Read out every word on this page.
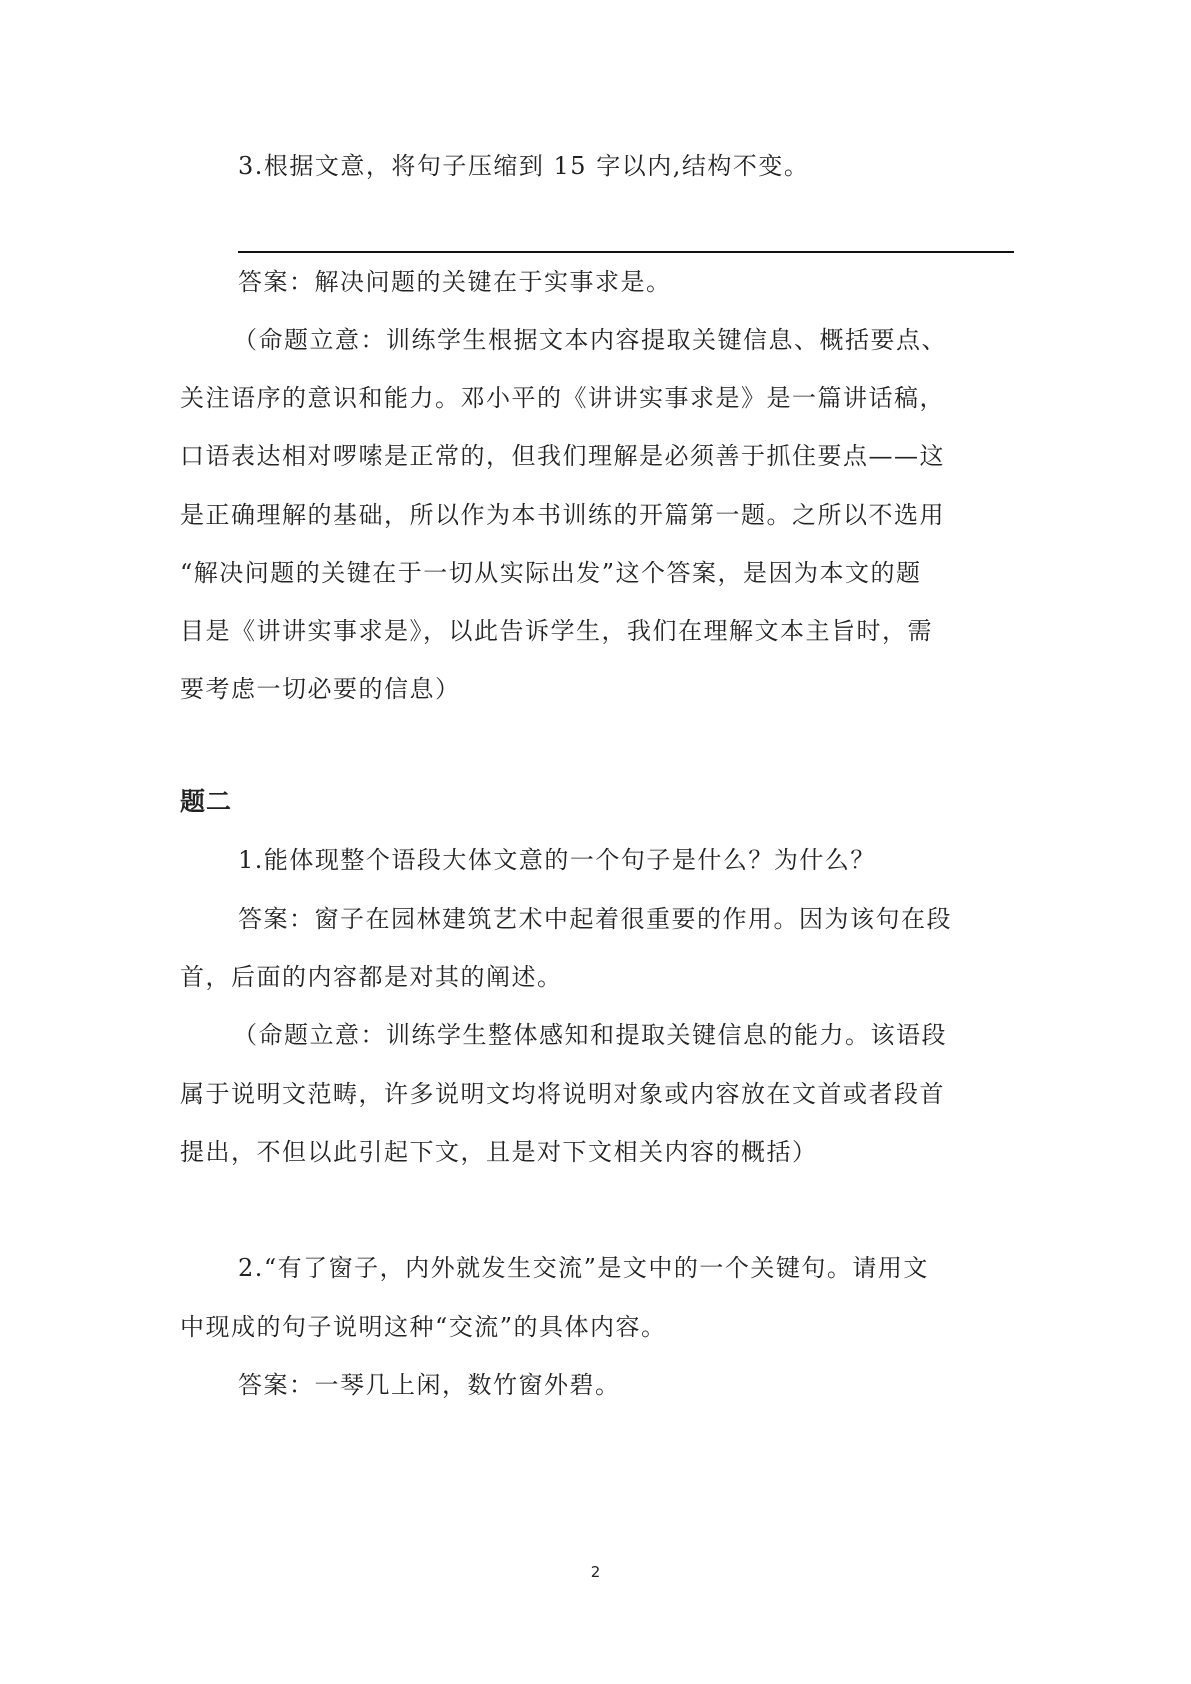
3.根据文意，将句子压缩到 15 字以内,结构不变。
答案：解决问题的关键在于实事求是。
（命题立意：训练学生根据文本内容提取关键信息、概括要点、
关注语序的意识和能力。邓小平的《讲讲实事求是》是一篇讲话稿，
口语表达相对啰嗦是正常的，但我们理解是必须善于抓住要点——这
是正确理解的基础，所以作为本书训练的开篇第一题。之所以不选用
“解决问题的关键在于一切从实际出发”这个答案，是因为本文的题
目是《讲讲实事求是》，以此告诉学生，我们在理解文本主旨时，需
要考虑一切必要的信息）
题二
1.能体现整个语段大体文意的一个句子是什么？为什么？
答案：窗子在园林建筑艺术中起着很重要的作用。因为该句在段
首，后面的内容都是对其的阐述。
（命题立意：训练学生整体感知和提取关键信息的能力。该语段
属于说明文范畴，许多说明文均将说明对象或内容放在文首或者段首
提出，不但以此引起下文，且是对下文相关内容的概括）
2.“有了窗子，内外就发生交流”是文中的一个关键句。请用文
中现成的句子说明这种“交流”的具体内容。
答案：一琴几上闲，数竹窗外碧。
2
